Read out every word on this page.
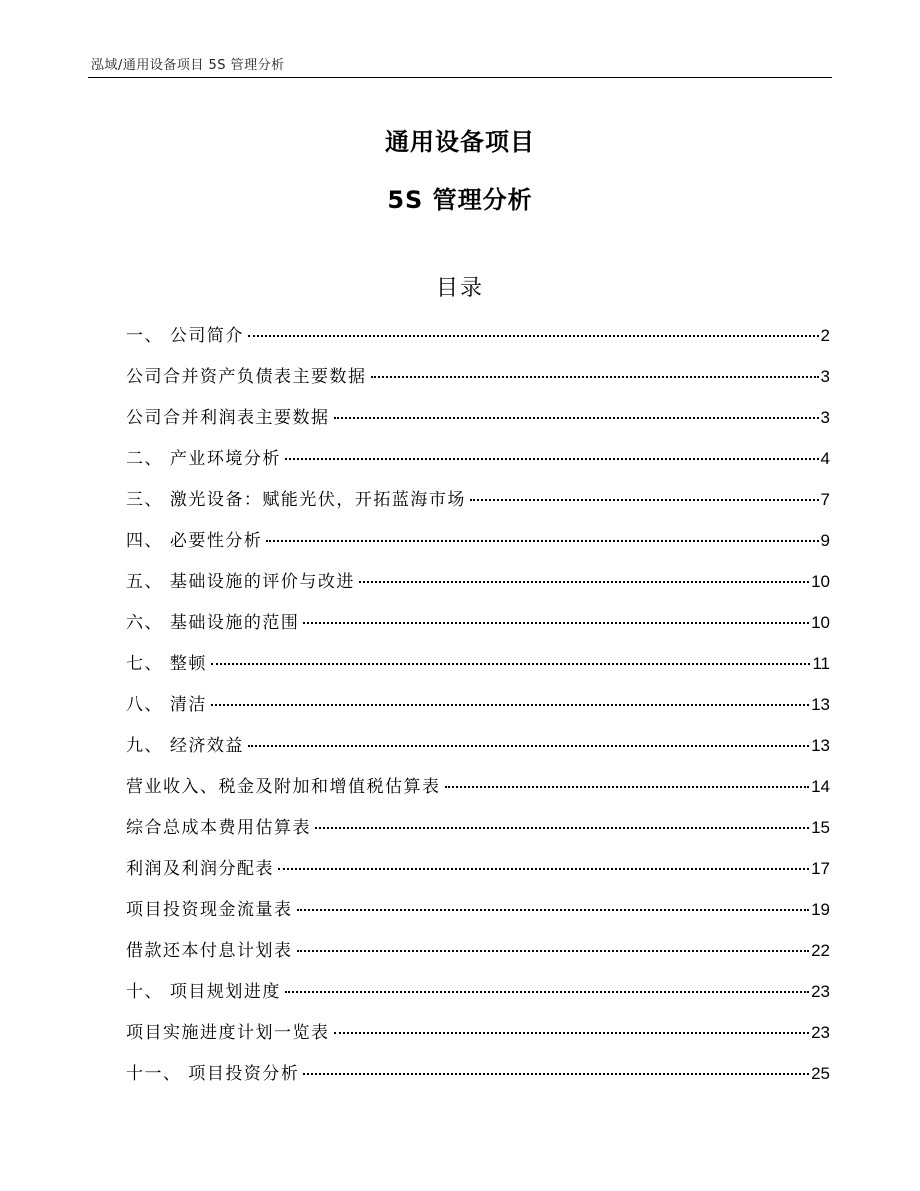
泓域/通用设备项目 5S 管理分析
通用设备项目
5S 管理分析
目录
一、 公司简介	2
公司合并资产负债表主要数据	3
公司合并利润表主要数据	3
二、 产业环境分析	4
三、 激光设备：赋能光伏，开拓蓝海市场	7
四、 必要性分析	9
五、 基础设施的评价与改进	10
六、 基础设施的范围	10
七、 整顿	11
八、 清洁	13
九、 经济效益	13
营业收入、税金及附加和增值税估算表	14
综合总成本费用估算表	15
利润及利润分配表	17
项目投资现金流量表	19
借款还本付息计划表	22
十、 项目规划进度	23
项目实施进度计划一览表	23
十一、 项目投资分析	25
